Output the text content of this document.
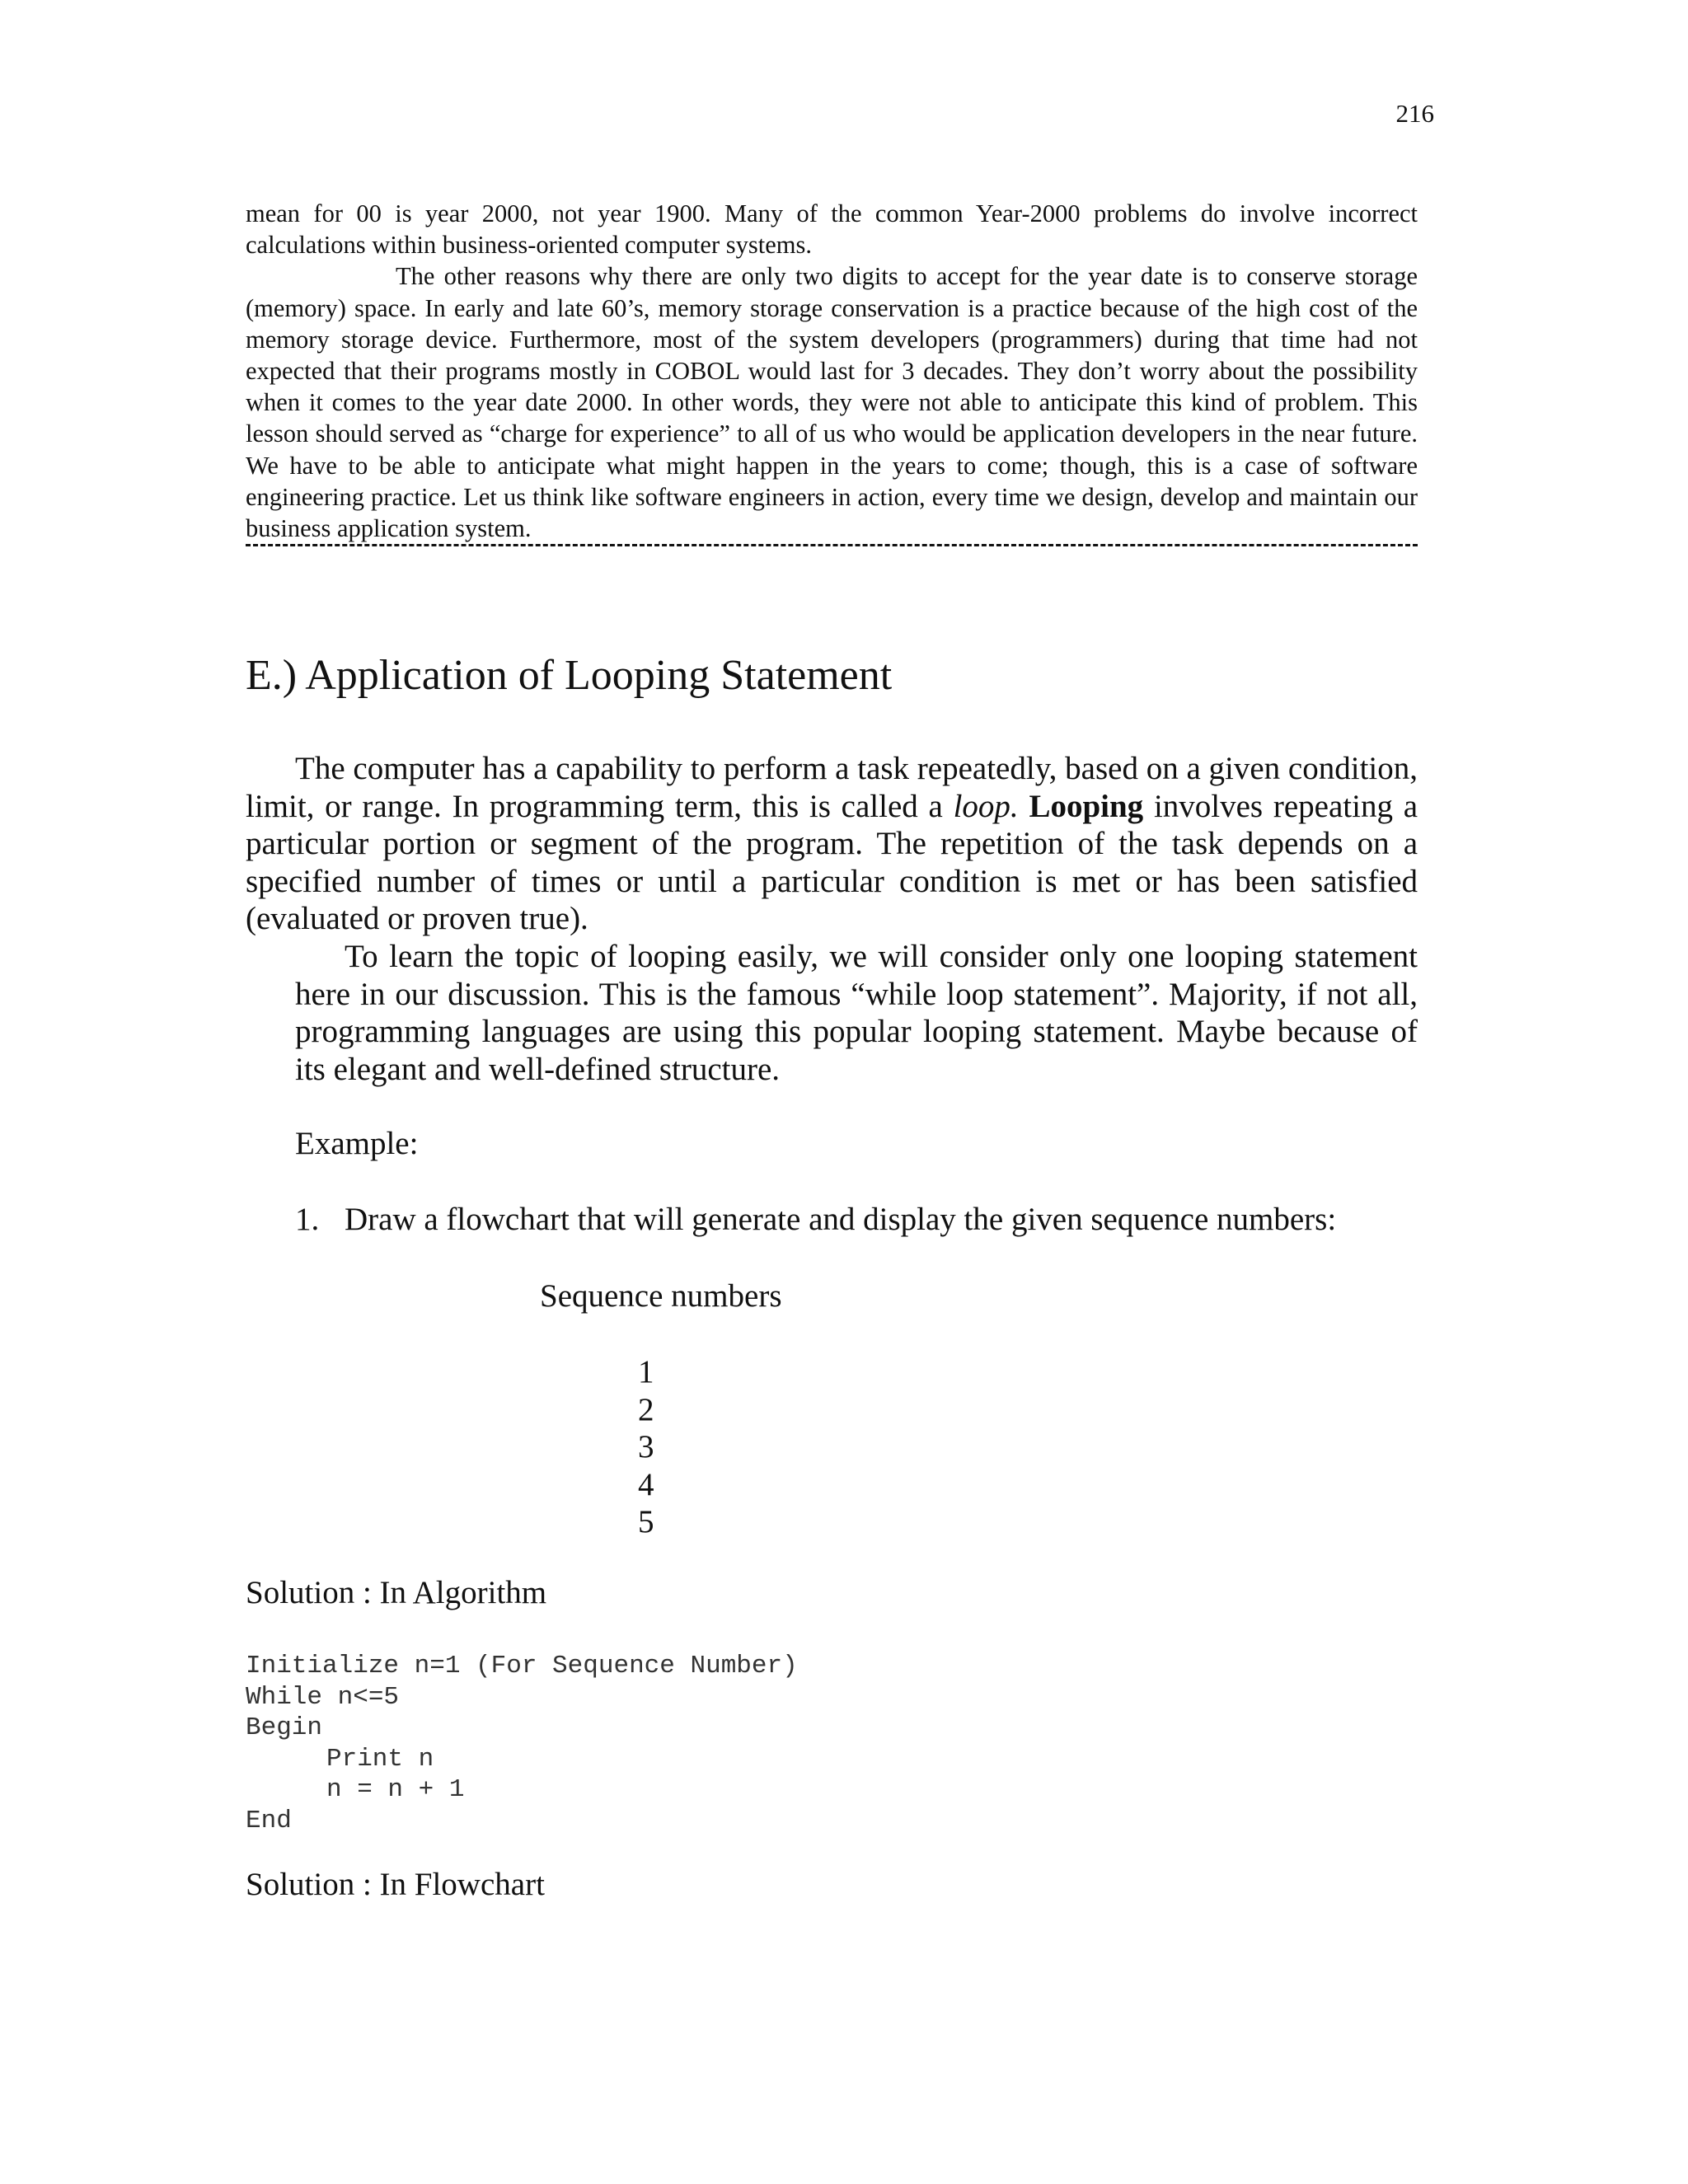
216

mean for 00 is year 2000, not year 1900. Many of the common Year-2000 problems do involve incorrect calculations within business-oriented computer systems.

The other reasons why there are only two digits to accept for the year date is to conserve storage (memory) space. In early and late 60’s, memory storage conservation is a practice because of the high cost of the memory storage device. Furthermore, most of the system developers (programmers) during that time had not expected that their programs mostly in COBOL would last for 3 decades. They don’t worry about the possibility when it comes to the year date 2000. In other words, they were not able to anticipate this kind of problem. This lesson should served as “charge for experience” to all of us who would be application developers in the near future. We have to be able to anticipate what might happen in the years to come; though, this is a case of software engineering practice. Let us think like software engineers in action, every time we design, develop and maintain our business application system.

E.) Application of Looping Statement

The computer has a capability to perform a task repeatedly, based on a given condition, limit, or range. In programming term, this is called a loop. Looping involves repeating a particular portion or segment of the program. The repetition of the task depends on a specified number of times or until a particular condition is met or has been satisfied (evaluated or proven true).

To learn the topic of looping easily, we will consider only one looping statement here in our discussion. This is the famous “while loop statement”. Majority, if not all, programming languages are using this popular looping statement. Maybe because of its elegant and well-defined structure.

Example:
1. Draw a flowchart that will generate and display the given sequence numbers:
Sequence numbers
1
2
3
4
5
Solution : In Algorithm
Initialize n=1 (For Sequence Number)
While n<=5
Begin
Print n
n = n + 1
End
Solution : In Flowchart
